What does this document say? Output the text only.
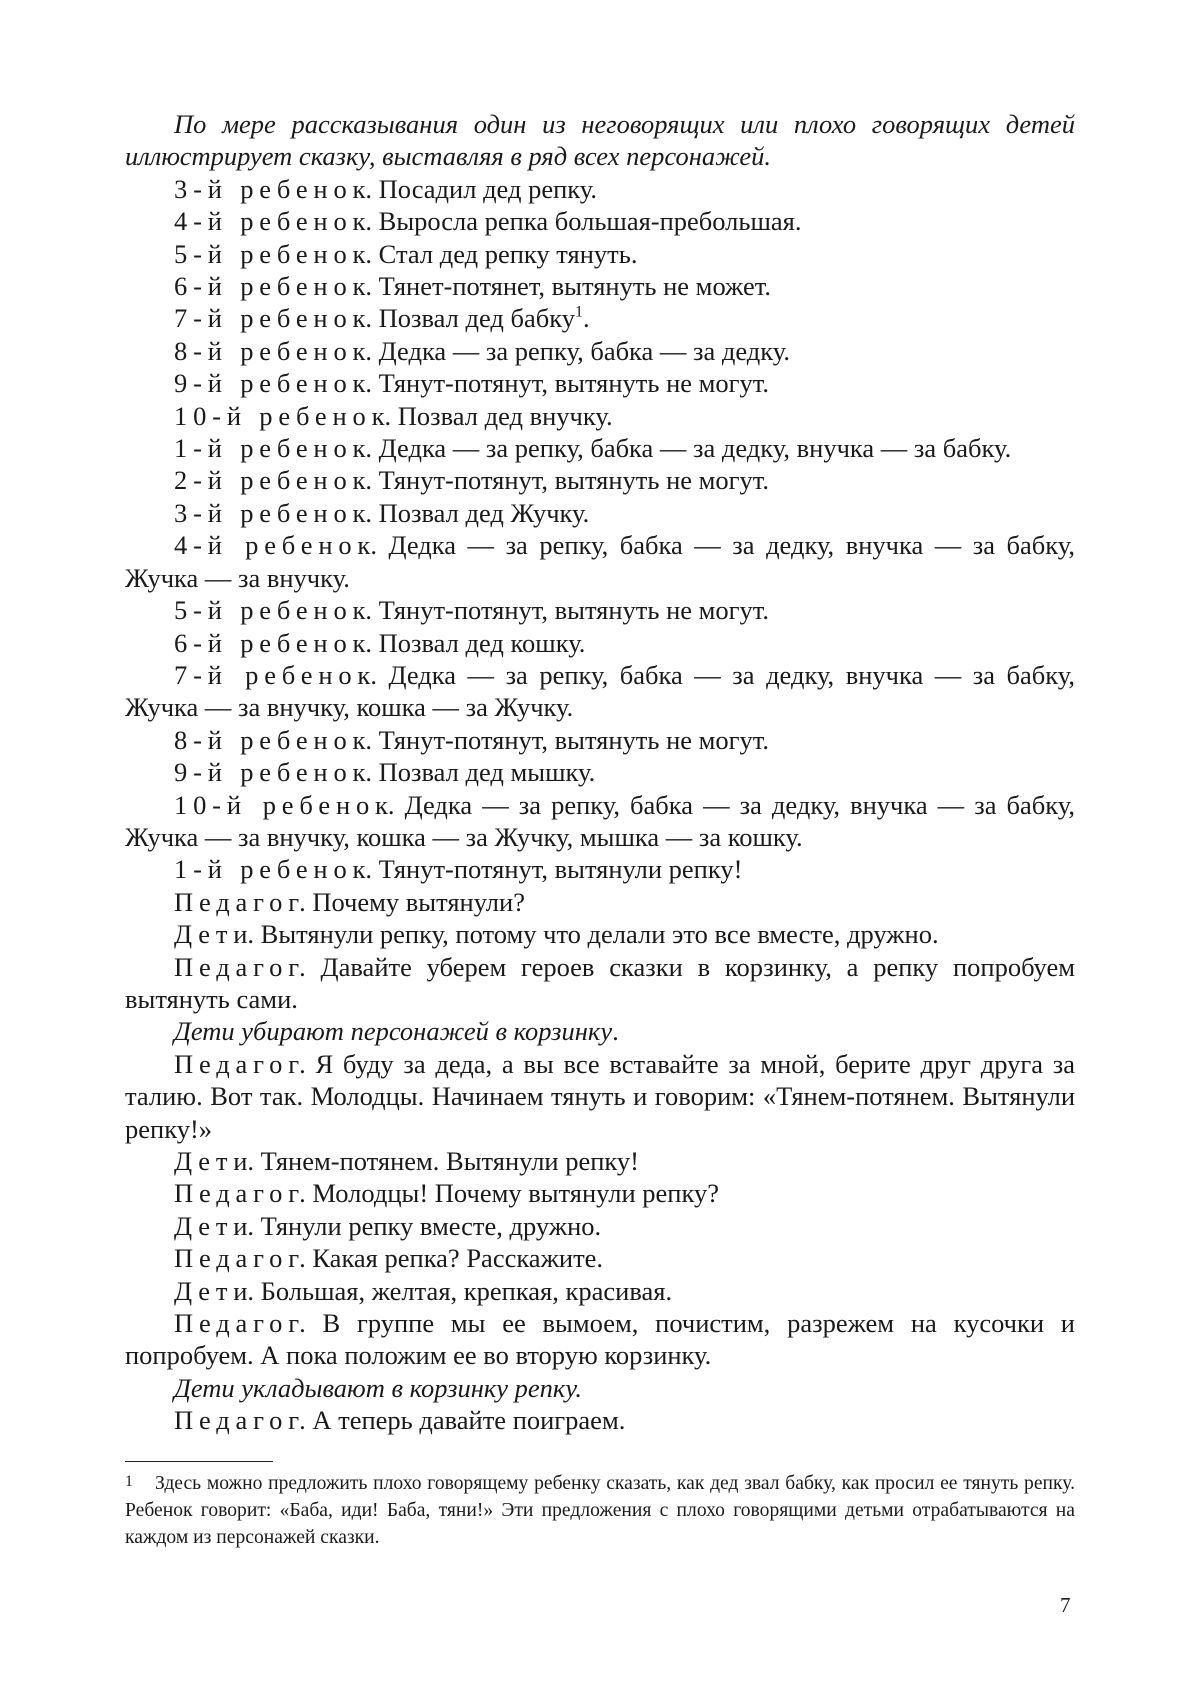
По мере рассказывания один из неговорящих или плохо говорящих детей иллюстрирует сказку, выставляя в ряд всех персонажей.

3-й ребенок. Посадил дед репку.

4-й ребенок. Выросла репка большая-пребольшая.

5-й ребенок. Стал дед репку тянуть.

6-й ребенок. Тянет-потянет, вытянуть не может.

7-й ребенок. Позвал дед бабку$^1$.

8-й ребенок. Дедка — за репку, бабка — за дедку.

9-й ребенок. Тянут-потянут, вытянуть не могут.

10-й ребенок. Позвал дед внучку.

1-й ребенок. Дедка — за репку, бабка — за дедку, внучка — за бабку.

2-й ребенок. Тянут-потянут, вытянуть не могут.

3-й ребенок. Позвал дед Жучку.

4-й ребенок. Дедка — за репку, бабка — за дедку, внучка — за бабку, Жучка — за внучку.

5-й ребенок. Тянут-потянут, вытянуть не могут.

6-й ребенок. Позвал дед кошку.

7-й ребенок. Дедка — за репку, бабка — за дедку, внучка — за бабку, Жучка — за внучку, кошка — за Жучку.

8-й ребенок. Тянут-потянут, вытянуть не могут.

9-й ребенок. Позвал дед мышку.

10-й ребенок. Дедка — за репку, бабка — за дедку, внучка — за бабку, Жучка — за внучку, кошка — за Жучку, мышка — за кошку.

1-й ребенок. Тянут-потянут, вытянули репку!

Педагог. Почему вытянули?

Дети. Вытянули репку, потому что делали это все вместе, дружно.

Педагог. Давайте уберем героев сказки в корзинку, а репку попробуем вытянуть сами.

Дети убирают персонажей в корзинку.

Педагог. Я буду за деда, а вы все вставайте за мной, берите друг друга за талию. Вот так. Молодцы. Начинаем тянуть и говорим: «Тянем-потянем. Вытянули репку!»

Дети. Тянем-потянем. Вытянули репку!

Педагог. Молодцы! Почему вытянули репку?

Дети. Тянули репку вместе, дружно.

Педагог. Какая репка? Расскажите.

Дети. Большая, желтая, крепкая, красивая.

Педагог. В группе мы ее вымоем, почистим, разрежем на кусочки и попробуем. А пока положим ее во вторую корзинку.

Дети укладывают в корзинку репку.

Педагог. А теперь давайте поиграем.

1 Здесь можно предложить плохо говорящему ребенку сказать, как дед звал бабку, как просил ее тянуть репку. Ребенок говорит: «Баба, иди! Баба, тяни!» Эти предложения с плохо говорящими детьми отрабатываются на каждом из персонажей сказки.

7
